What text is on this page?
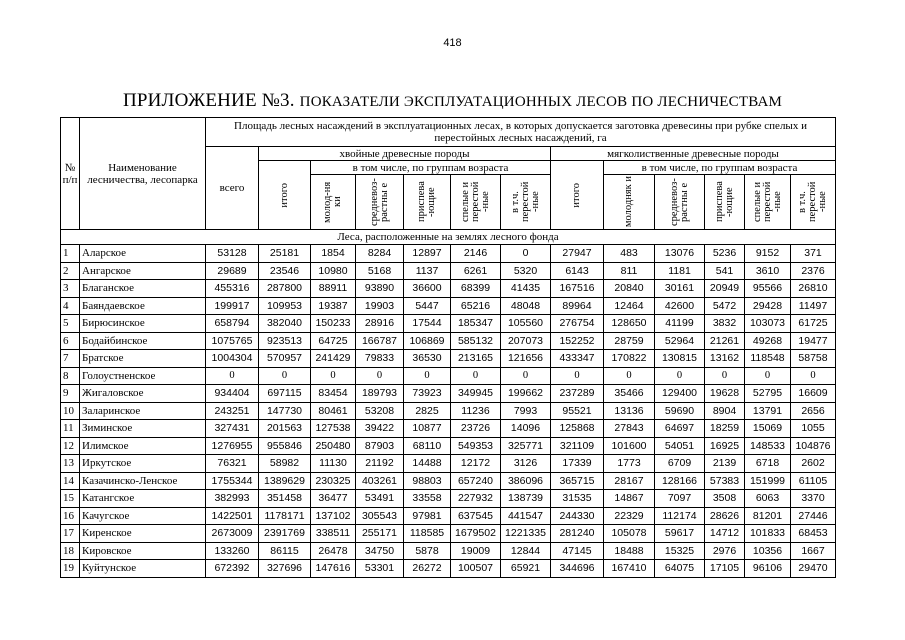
418
ПРИЛОЖЕНИЕ №3. ПОКАЗАТЕЛИ ЭКСПЛУАТАЦИОННЫХ ЛЕСОВ ПО ЛЕСНИЧЕСТВАМ
№ п/п	Наименование лесничества, лесопарка	Площадь лесных насаждений в эксплуатационных лесах, в которых допускается заготовка древесины при рубке спелых и перестойных лесных насаждений, га												
		всего	хвойные древесные породы						мягколиственные древесные породы					

			итого	в том числе, по группам возраста					итого	в том числе, по группам возраста				

				молод-ня ки	средневоз-растны е	приспева -ющие	спелые и перестой -ные	в т.ч. перестой -ные		молодняк и	средневоз-растны е	приспева -ющие	спелые и перестой -ные	в т.ч. перестой -ные

Леса, расположенные на землях лесного фонда														
1	Аларское	53128	25181	1854	8284	12897	2146	0	27947	483	13076	5236	9152	371
2	Ангарское	29689	23546	10980	5168	1137	6261	5320	6143	811	1181	541	3610	2376
3	Благанское	455316	287800	88911	93890	36600	68399	41435	167516	20840	30161	20949	95566	26810
4	Баяндаевское	199917	109953	19387	19903	5447	65216	48048	89964	12464	42600	5472	29428	11497
5	Бирюсинское	658794	382040	150233	28916	17544	185347	105560	276754	128650	41199	3832	103073	61725
6	Бодайбинское	1075765	923513	64725	166787	106869	585132	207073	152252	28759	52964	21261	49268	19477
7	Братское	1004304	570957	241429	79833	36530	213165	121656	433347	170822	130815	13162	118548	58758
8	Голоустненское	0	0	0	0	0	0	0	0	0	0	0	0	0
9	Жигаловское	934404	697115	83454	189793	73923	349945	199662	237289	35466	129400	19628	52795	16609
10	Заларинское	243251	147730	80461	53208	2825	11236	7993	95521	13136	59690	8904	13791	2656
11	Зиминское	327431	201563	127538	39422	10877	23726	14096	125868	27843	64697	18259	15069	1055
12	Илимское	1276955	955846	250480	87903	68110	549353	325771	321109	101600	54051	16925	148533	104876
13	Иркутское	76321	58982	11130	21192	14488	12172	3126	17339	1773	6709	2139	6718	2602
14	Казачинско-Ленское	1755344	1389629	230325	403261	98803	657240	386096	365715	28167	128166	57383	151999	61105
15	Катангское	382993	351458	36477	53491	33558	227932	138739	31535	14867	7097	3508	6063	3370
16	Качугское	1422501	1178171	137102	305543	97981	637545	441547	244330	22329	112174	28626	81201	27446
17	Киренское	2673009	2391769	338511	255171	118585	1679502	1221335	281240	105078	59617	14712	101833	68453
18	Кировское	133260	86115	26478	34750	5878	19009	12844	47145	18488	15325	2976	10356	1667
19	Куйтунское	672392	327696	147616	53301	26272	100507	65921	344696	167410	64075	17105	96106	29470
